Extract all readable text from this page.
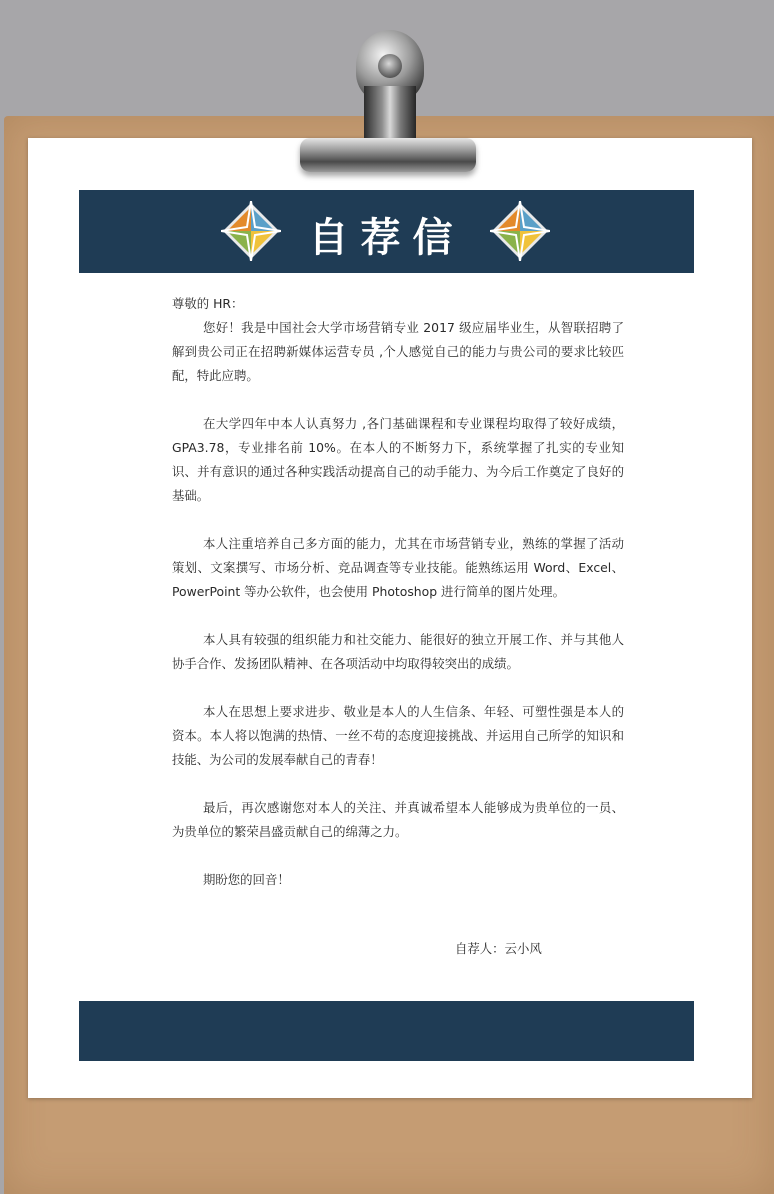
自荐信

尊敬的 HR：

您好！我是中国社会大学市场营销专业 2017 级应届毕业生，从智联招聘了解到贵公司正在招聘新媒体运营专员 ,个人感觉自己的能力与贵公司的要求比较匹配，特此应聘。

在大学四年中本人认真努力 ,各门基础课程和专业课程均取得了较好成绩，GPA3.78，专业排名前 10%。在本人的不断努力下，系统掌握了扎实的专业知识、并有意识的通过各种实践活动提高自己的动手能力、为今后工作奠定了良好的基础。

本人注重培养自己多方面的能力，尤其在市场营销专业，熟练的掌握了活动策划、文案撰写、市场分析、竞品调查等专业技能。能熟练运用 Word、Excel、PowerPoint 等办公软件，也会使用 Photoshop 进行简单的图片处理。

本人具有较强的组织能力和社交能力、能很好的独立开展工作、并与其他人协手合作、发扬团队精神、在各项活动中均取得较突出的成绩。

本人在思想上要求进步、敬业是本人的人生信条、年轻、可塑性强是本人的资本。本人将以饱满的热情、一丝不苟的态度迎接挑战、并运用自己所学的知识和技能、为公司的发展奉献自己的青春！

最后，再次感谢您对本人的关注、并真诚希望本人能够成为贵单位的一员、为贵单位的繁荣昌盛贡献自己的绵薄之力。

期盼您的回音！

自荐人：云小风
